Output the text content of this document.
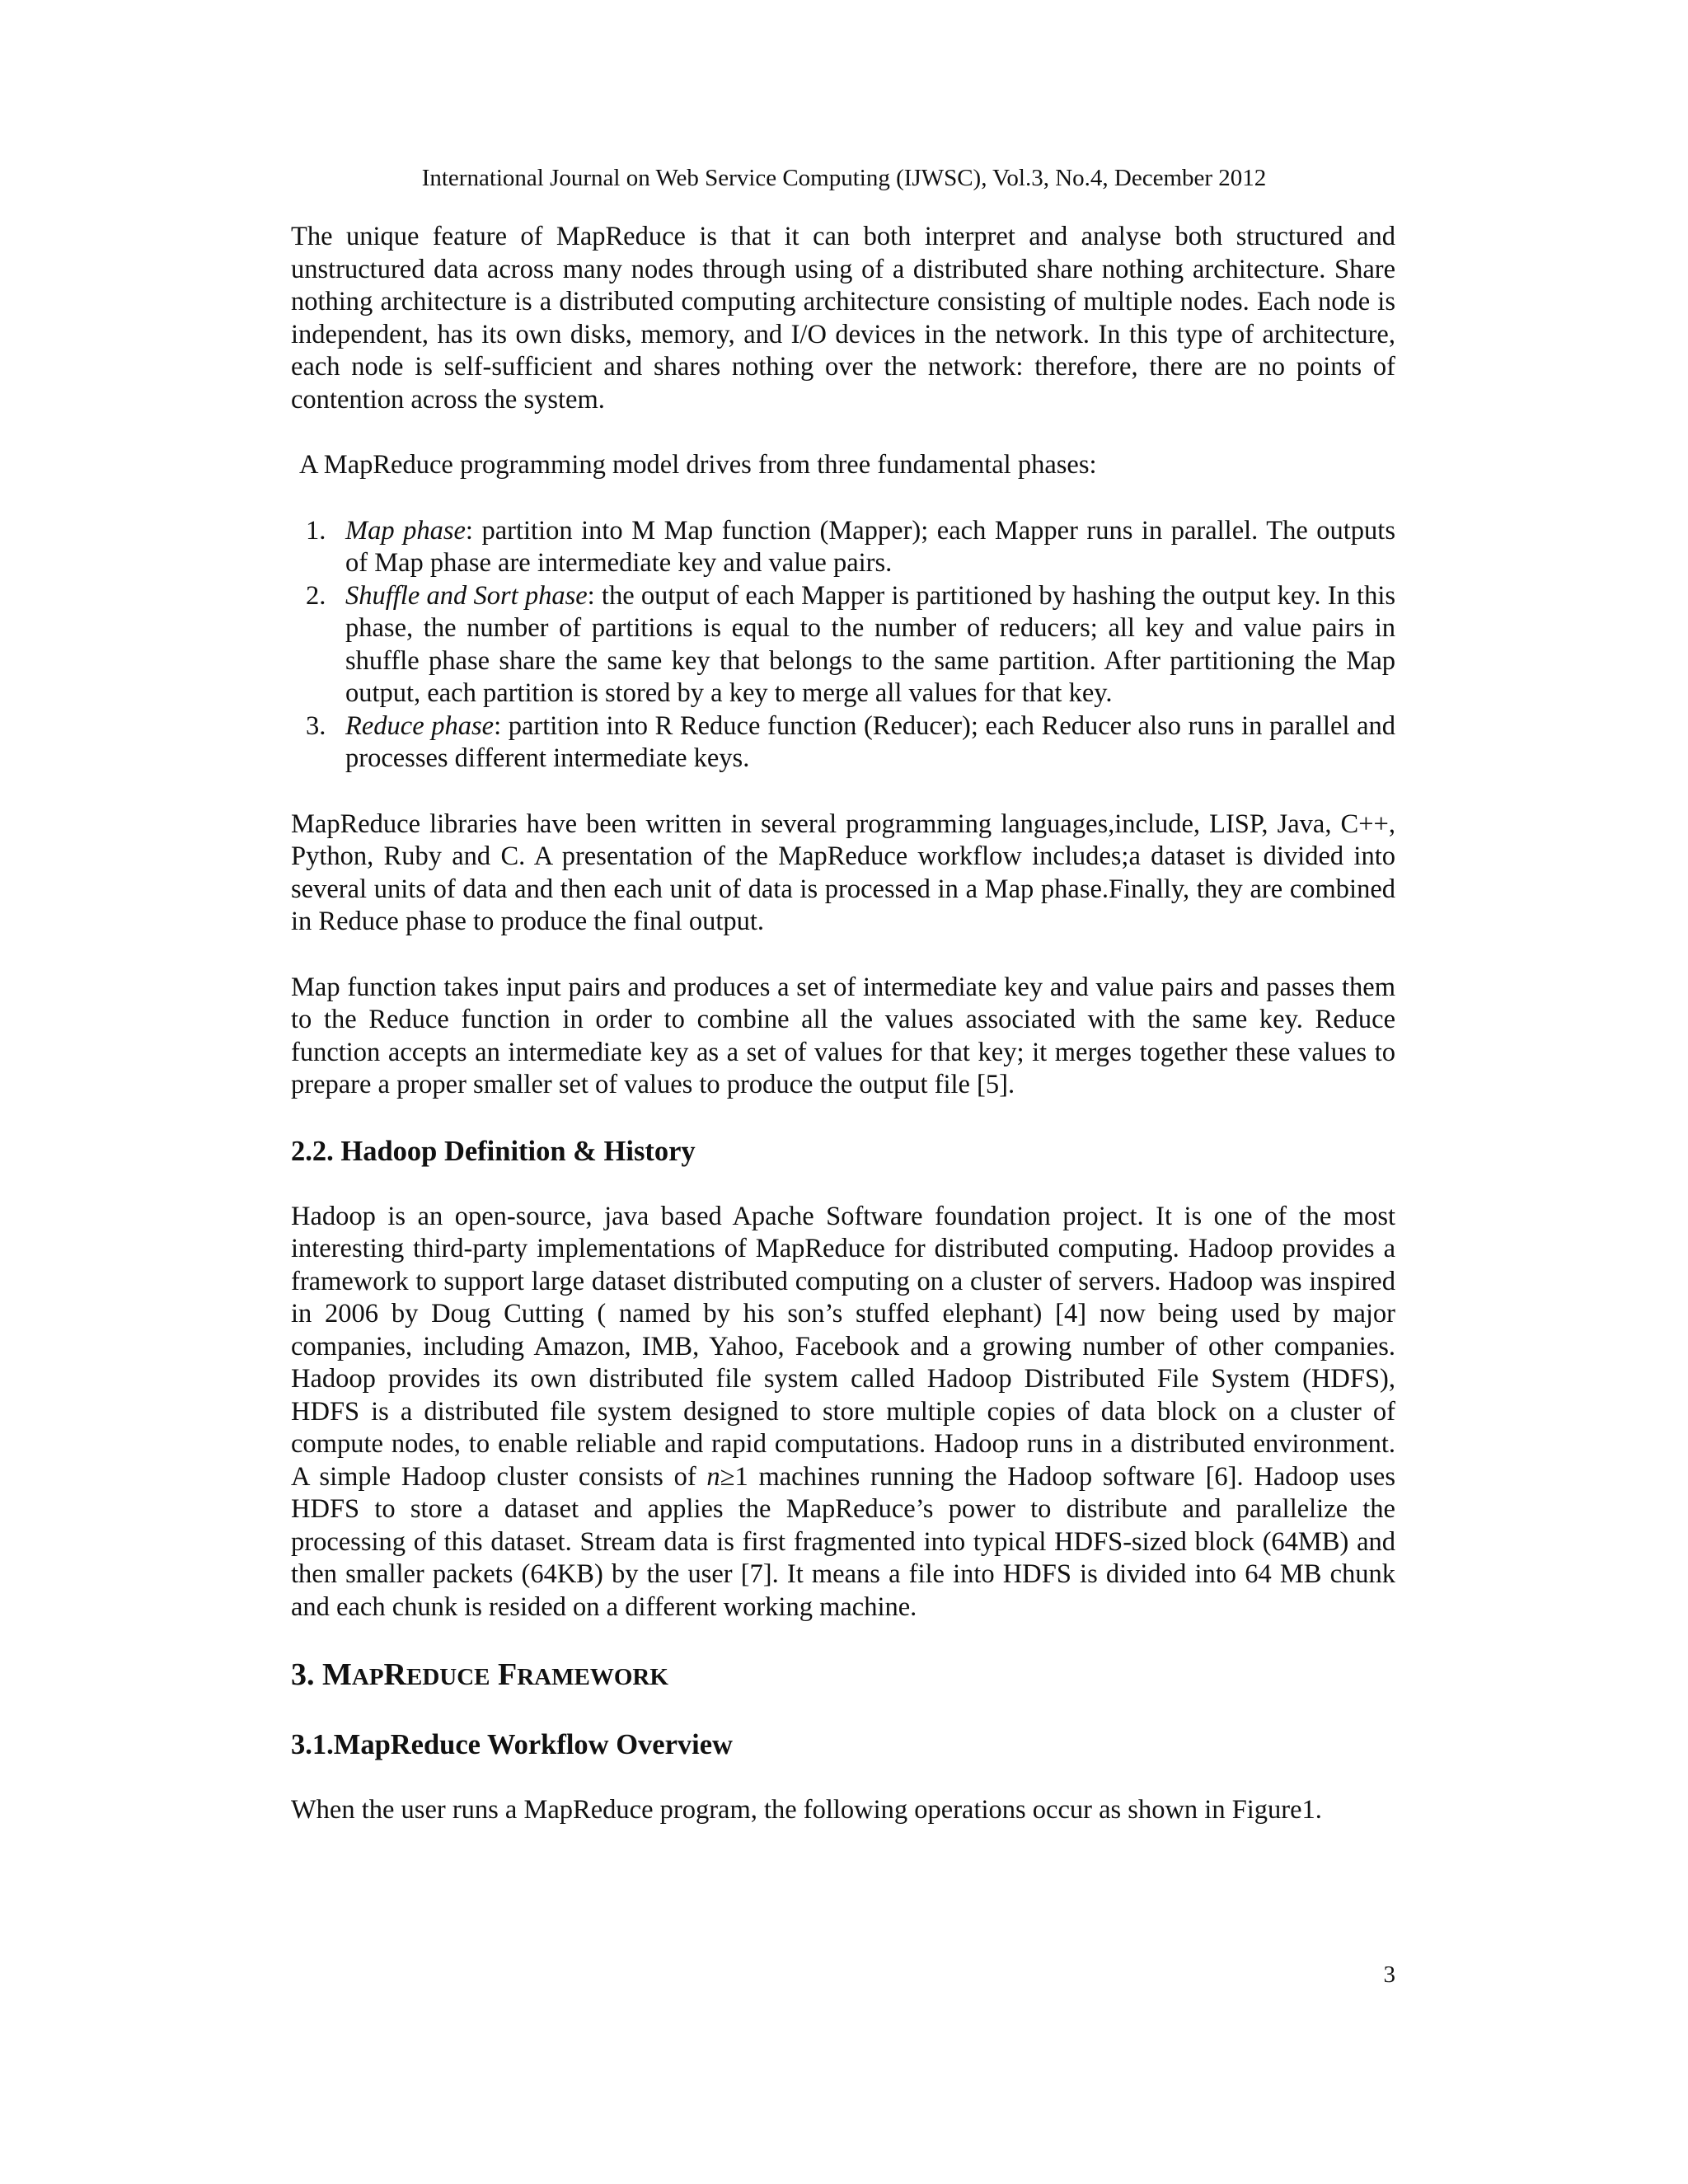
International Journal on Web Service Computing (IJWSC), Vol.3, No.4, December 2012

The unique feature of MapReduce is that it can both interpret and analyse both structured and unstructured data across many nodes through using of a distributed share nothing architecture. Share nothing architecture is a distributed computing architecture consisting of multiple nodes. Each node is independent, has its own disks, memory, and I/O devices in the network. In this type of architecture, each node is self-sufficient and shares nothing over the network: therefore, there are no points of contention across the system.

A MapReduce programming model drives from three fundamental phases:

1. Map phase: partition into M Map function (Mapper); each Mapper runs in parallel. The outputs of Map phase are intermediate key and value pairs.
2. Shuffle and Sort phase: the output of each Mapper is partitioned by hashing the output key. In this phase, the number of partitions is equal to the number of reducers; all key and value pairs in shuffle phase share the same key that belongs to the same partition. After partitioning the Map output, each partition is stored by a key to merge all values for that key.
3. Reduce phase: partition into R Reduce function (Reducer); each Reducer also runs in parallel and processes different intermediate keys.

MapReduce libraries have been written in several programming languages,include, LISP, Java, C++, Python, Ruby and C. A presentation of the MapReduce workflow includes;a dataset is divided into several units of data and then each unit of data is processed in a Map phase.Finally, they are combined in Reduce phase to produce the final output.

Map function takes input pairs and produces a set of intermediate key and value pairs and passes them to the Reduce function in order to combine all the values associated with the same key. Reduce function accepts an intermediate key as a set of values for that key; it merges together these values to prepare a proper smaller set of values to produce the output file [5].

2.2. Hadoop Definition & History

Hadoop is an open-source, java based Apache Software foundation project. It is one of the most interesting third-party implementations of MapReduce for distributed computing. Hadoop provides a framework to support large dataset distributed computing on a cluster of servers. Hadoop was inspired in 2006 by Doug Cutting ( named by his son’s stuffed elephant) [4] now being used by major companies, including Amazon, IMB, Yahoo, Facebook and a growing number of other companies. Hadoop provides its own distributed file system called Hadoop Distributed File System (HDFS), HDFS is a distributed file system designed to store multiple copies of data block on a cluster of compute nodes, to enable reliable and rapid computations. Hadoop runs in a distributed environment. A simple Hadoop cluster consists of n≥1 machines running the Hadoop software [6]. Hadoop uses HDFS to store a dataset and applies the MapReduce’s power to distribute and parallelize the processing of this dataset. Stream data is first fragmented into typical HDFS-sized block (64MB) and then smaller packets (64KB) by the user [7]. It means a file into HDFS is divided into 64 MB chunk and each chunk is resided on a different working machine.

3. MAPREDUCE FRAMEWORK
3.1.MapReduce Workflow Overview

When the user runs a MapReduce program, the following operations occur as shown in Figure1.

3
